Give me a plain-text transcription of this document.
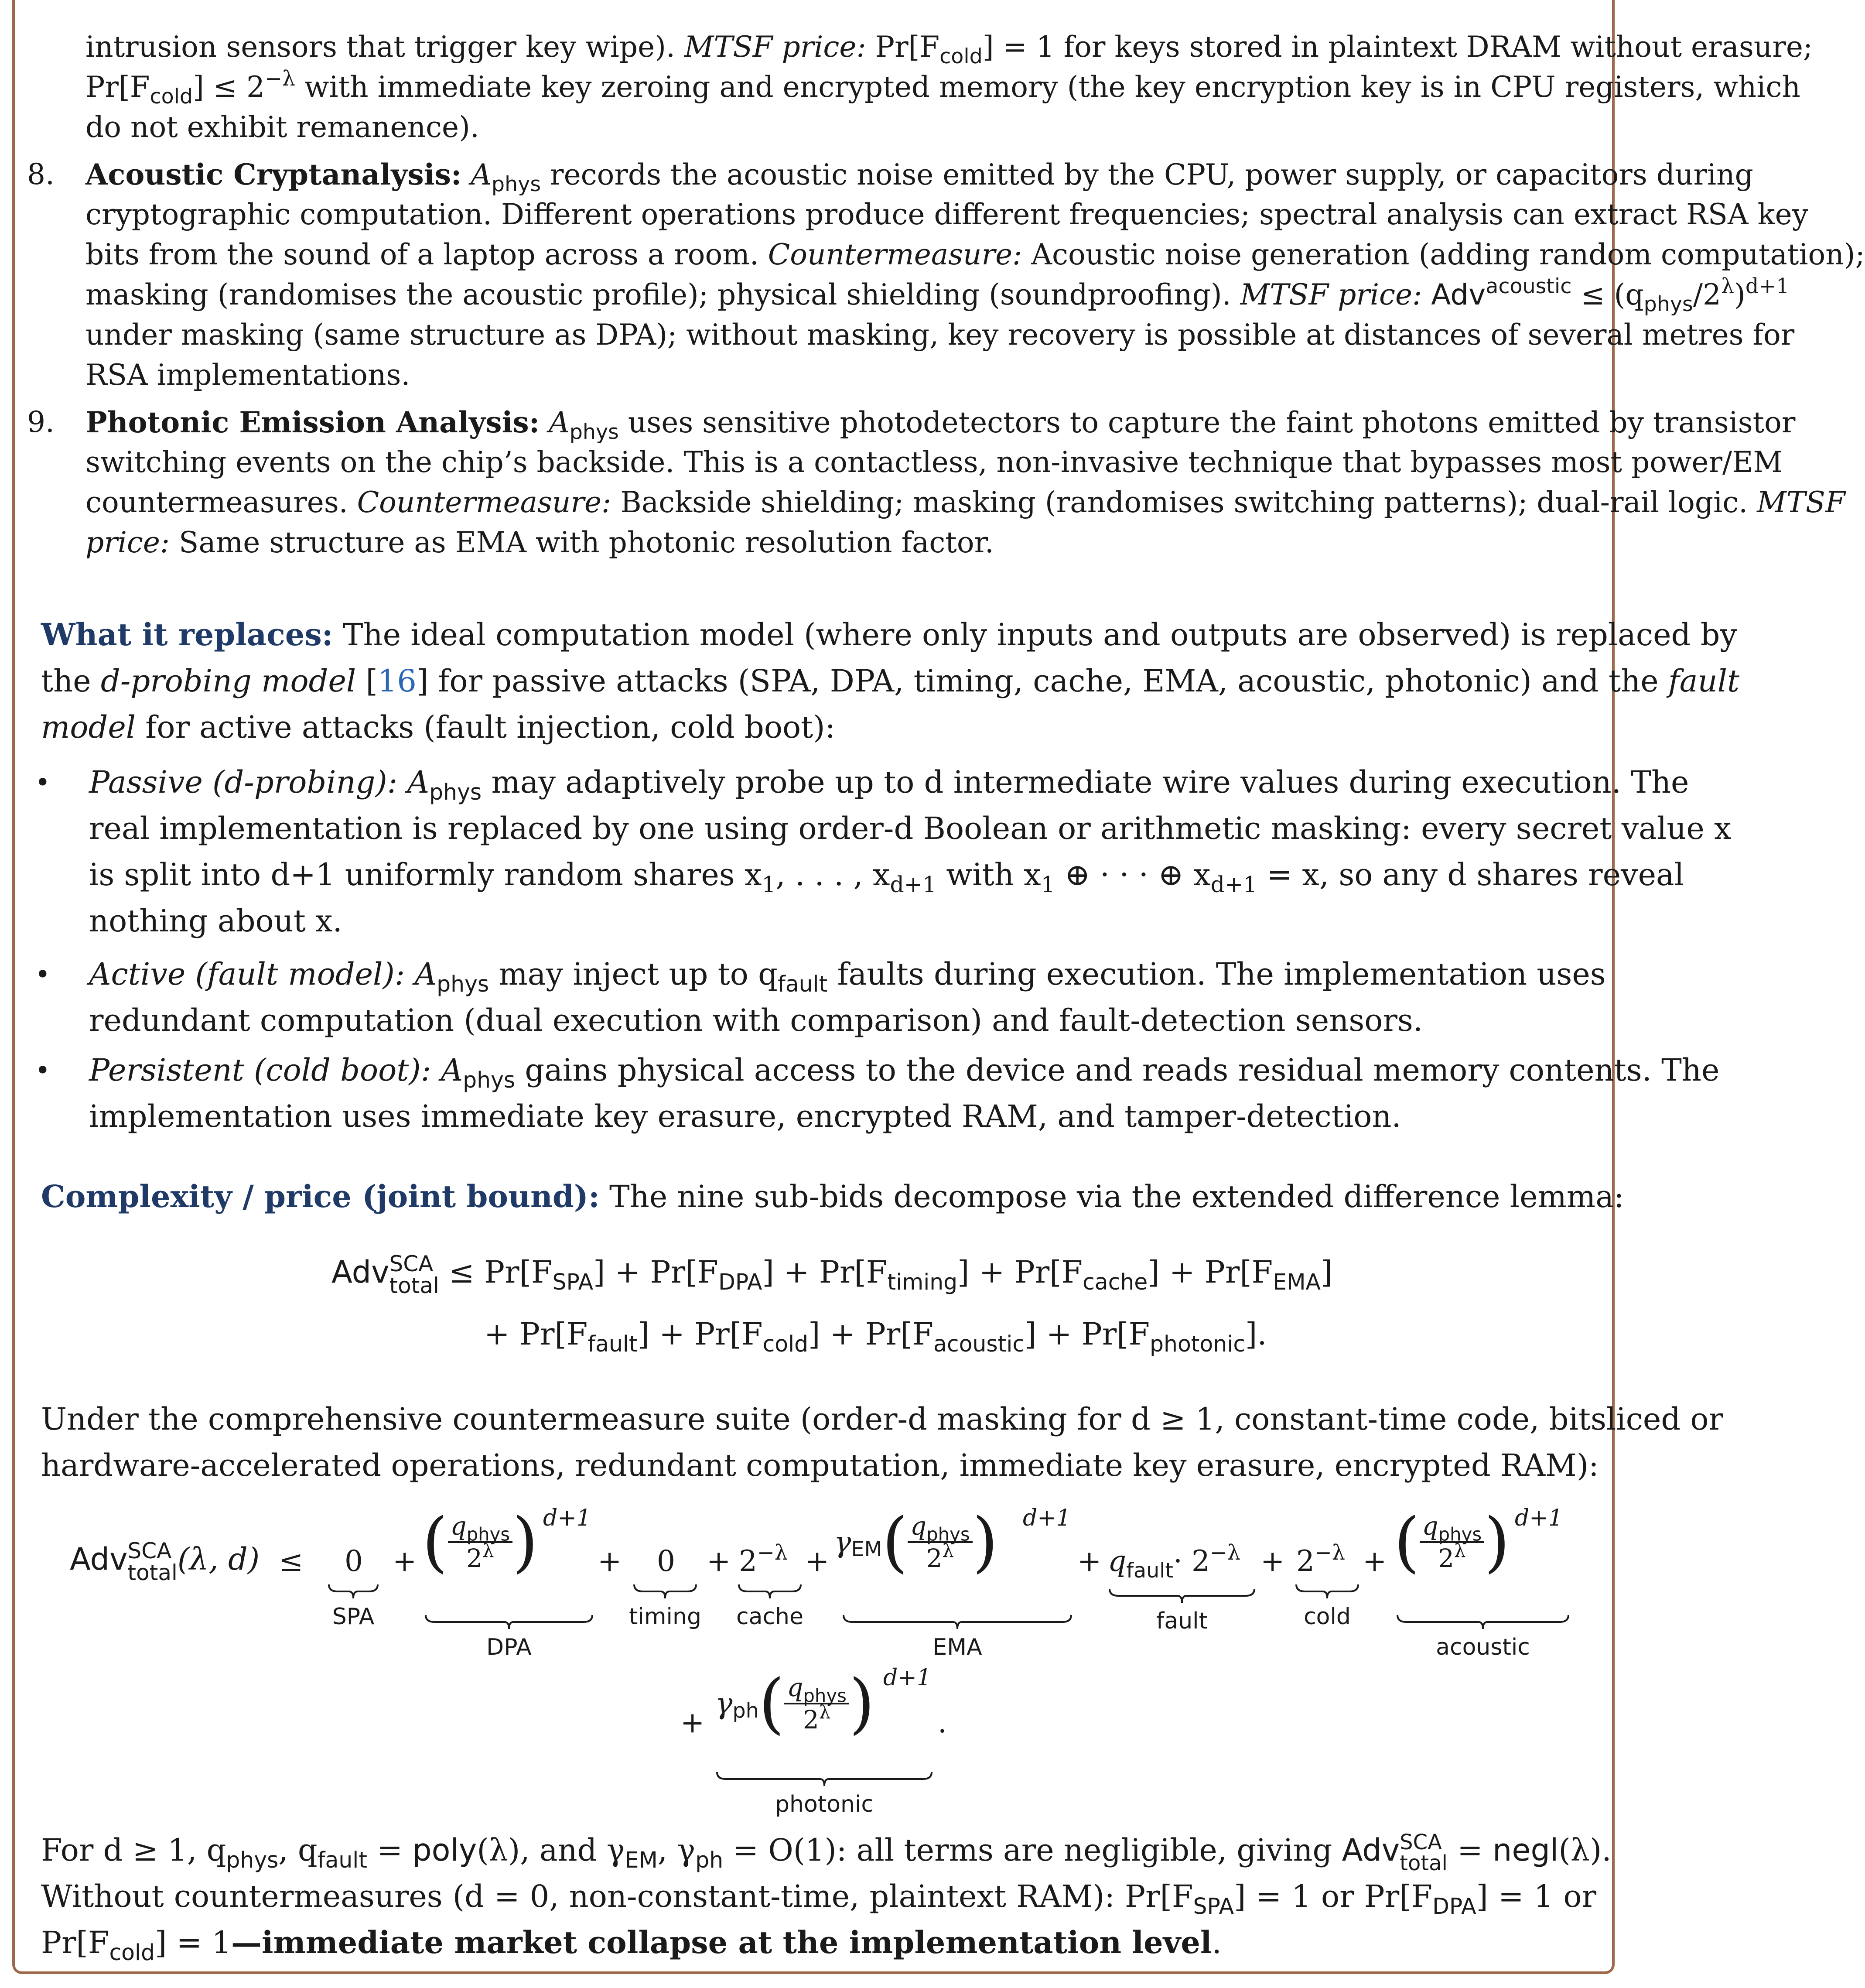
intrusion sensors that trigger key wipe). MTSF price: $Pr[F_{cold}] = 1$ for keys stored in plaintext DRAM without erasure;
$Pr[F_{cold}] \le 2^{-\lambda}$ with immediate key zeroing and encrypted memory (the key encryption key is in CPU registers, which
do not exhibit remanence).
8. Acoustic Cryptanalysis: $A_{phys}$ records the acoustic noise emitted by the CPU, power supply, or capacitors during
cryptographic computation. Different operations produce different frequencies; spectral analysis can extract RSA key
bits from the sound of a laptop across a room. Countermeasure: Acoustic noise generation (adding random computation);
masking (randomises the acoustic profile); physical shielding (soundproofing). MTSF price: $Adv^{acoustic} \le (q_{phys}/2^\lambda)^{d+1}$
under masking (same structure as DPA); without masking, key recovery is possible at distances of several metres for
RSA implementations.
9. Photonic Emission Analysis: $A_{phys}$ uses sensitive photodetectors to capture the faint photons emitted by transistor
switching events on the chip’s backside. This is a contactless, non-invasive technique that bypasses most power/EM
countermeasures. Countermeasure: Backside shielding; masking (randomises switching patterns); dual-rail logic. MTSF
price: Same structure as EMA with photonic resolution factor.
What it replaces: The ideal computation model (where only inputs and outputs are observed) is replaced by
the d-probing model [16] for passive attacks (SPA, DPA, timing, cache, EMA, acoustic, photonic) and the fault
model for active attacks (fault injection, cold boot):
• Passive (d-probing): $A_{phys}$ may adaptively probe up to d intermediate wire values during execution. The
real implementation is replaced by one using order-d Boolean or arithmetic masking: every secret value x
is split into d+1 uniformly random shares $x_1$, . . . , $x_{d+1}$ with $x_1$ ⊕ · · · ⊕ $x_{d+1} = x$, so any d shares reveal
nothing about x.
• Active (fault model): $A_{phys}$ may inject up to $q_{fault}$ faults during execution. The implementation uses
redundant computation (dual execution with comparison) and fault-detection sensors.
• Persistent (cold boot): $A_{phys}$ gains physical access to the device and reads residual memory contents. The
implementation uses immediate key erasure, encrypted RAM, and tamper-detection.
Complexity / price (joint bound): The nine sub-bids decompose via the extended difference lemma:
Adv SCA
total ≤ $Pr[F_{SPA}] + Pr[F_{DPA}] + Pr[F_{timing}] + Pr[F_{cache}] + Pr[F_{EMA}]$
+ $Pr[F_{fault}] + Pr[F_{cold}] + Pr[F_{acoustic}] + Pr[F_{photonic}]$.
Under the comprehensive countermeasure suite (order-d masking for d ≥ 1, constant-time code, bitsliced or
hardware-accelerated operations, redundant computation, immediate key erasure, encrypted RAM):
Adv SCA
total (λ, d) ≤ 0
SPA
+ ( $\frac{q_{phys}}{2^\lambda}$ ) d+1
DPA
+ 0
timing
+ $2^{-\lambda}$
cache
+
$\gamma_{EM}( \frac{q_{phys}}{2^\lambda}$ ) d+1
EMA
+ $q_{fault}\cdot 2^{-\lambda}$
fault
+ $2^{-\lambda}$
cold
+ ( $\frac{q_{phys}}{2^\lambda}$ ) d+1
acoustic
+
$\gamma_{ph}( \frac{q_{phys}}{2^\lambda}$ ) d+1
.
photonic
For d ≥ 1, $q_{phys}$, $q_{fault}$ = poly(λ), and $\gamma_{EM}$, $\gamma_{ph} = O(1)$: all terms are negligible, giving Adv SCA
total = negl(λ).
Without countermeasures (d = 0, non-constant-time, plaintext RAM): $Pr[F_{SPA}] = 1$ or $Pr[F_{DPA}] = 1$ or
$Pr[F_{cold}]$ = 1—immediate market collapse at the implementation level.
